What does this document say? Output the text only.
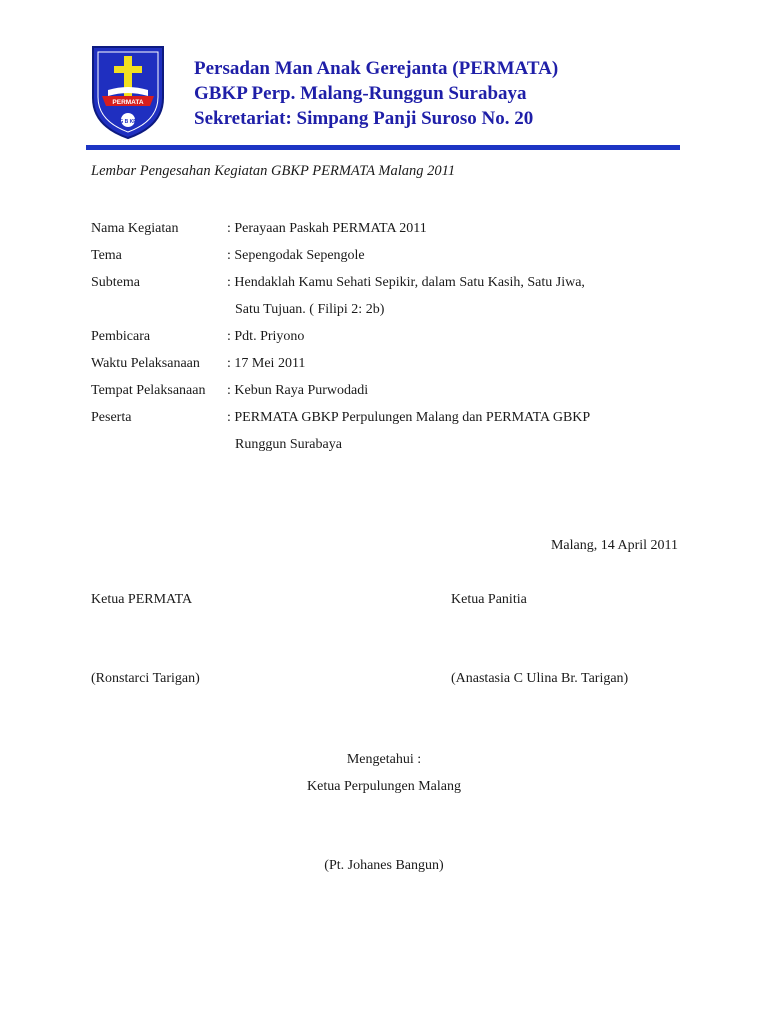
PERMATA
G B KP
Persadan Man Anak Gerejanta (PERMATA)
GBKP Perp. Malang-Runggun Surabaya
Sekretariat: Simpang Panji Suroso No. 20
Lembar Pengesahan Kegiatan GBKP PERMATA Malang 2011
Nama Kegiatan	: Perayaan Paskah PERMATA 2011
Tema	: Sepengodak Sepengole
Subtema	: Hendaklah Kamu Sehati Sepikir, dalam Satu Kasih, Satu Jiwa,
Satu Tujuan. ( Filipi 2: 2b)
Pembicara	: Pdt. Priyono
Waktu Pelaksanaan	: 17 Mei 2011
Tempat Pelaksanaan	: Kebun Raya Purwodadi
Peserta	: PERMATA GBKP Perpulungen Malang dan PERMATA GBKP
Runggun Surabaya
Malang, 14 April 2011
Ketua PERMATA	Ketua Panitia
(Ronstarci Tarigan)	(Anastasia C Ulina Br. Tarigan)
Mengetahui :
Ketua Perpulungen Malang
(Pt. Johanes Bangun)
